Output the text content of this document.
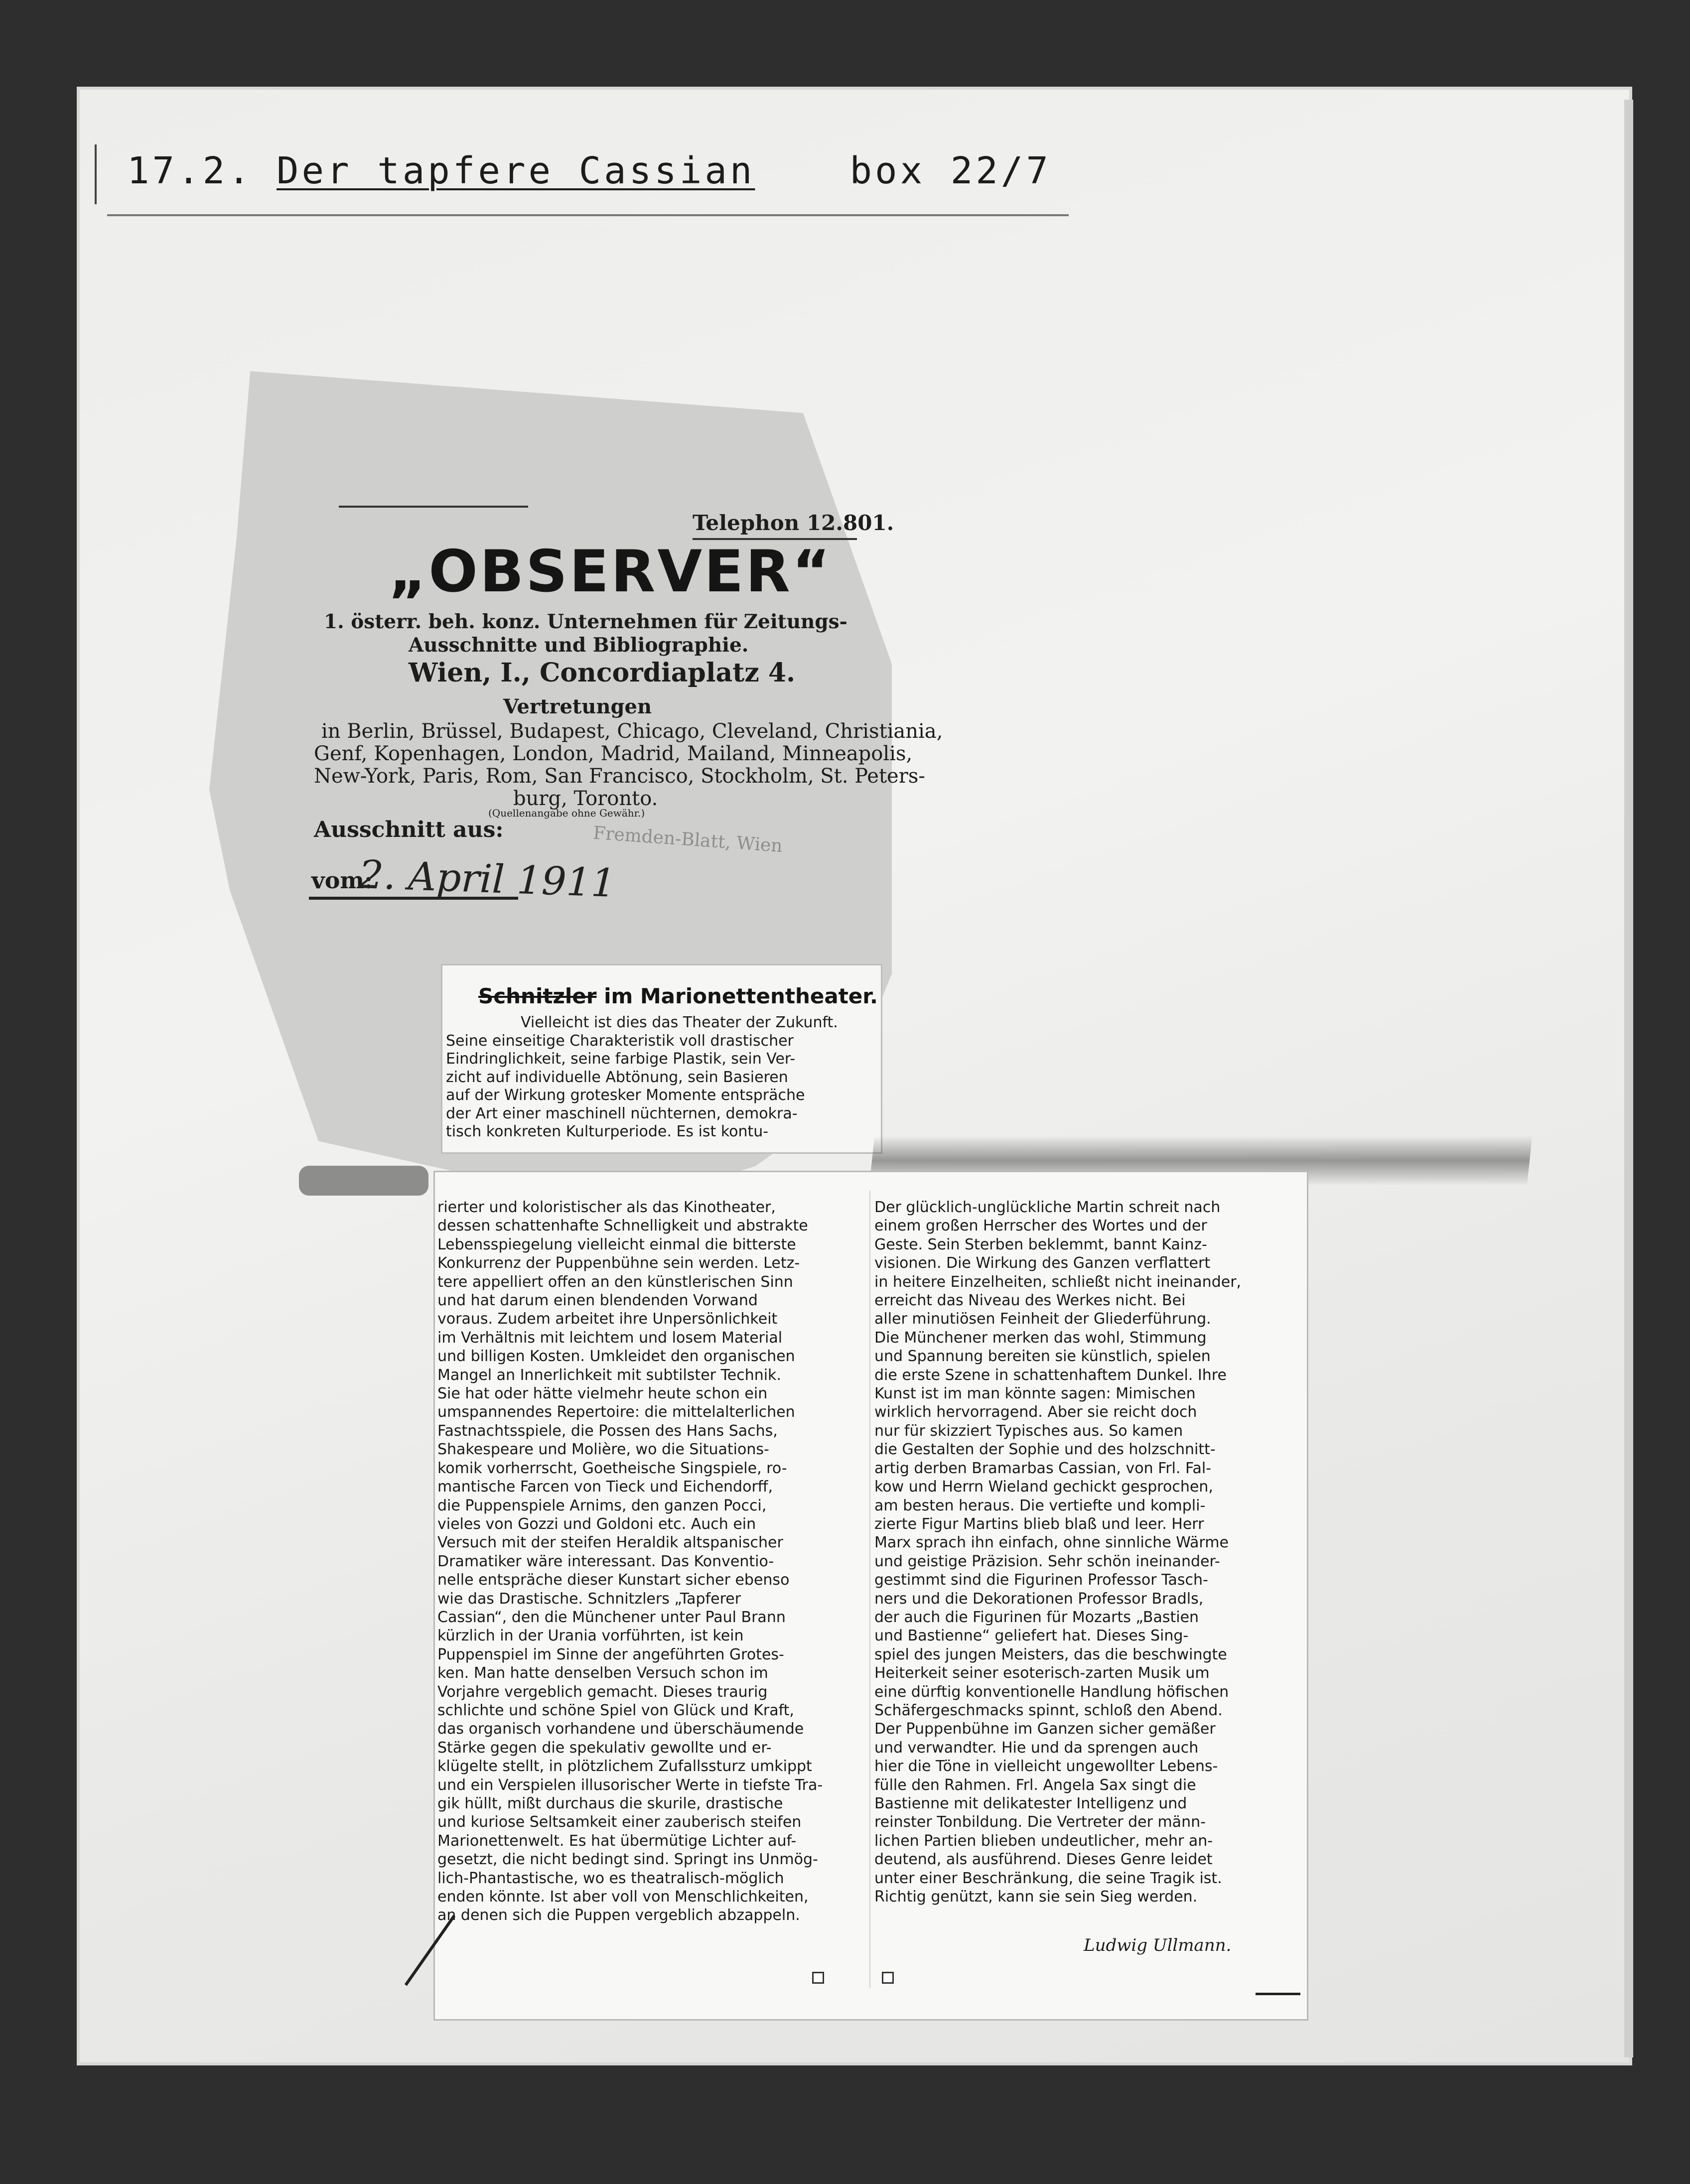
17.2. Der tapfere Cassian	box 22/7
Telephon 12.801.
„OBSERVER“
1. österr. beh. konz. Unternehmen für Zeitungs-
Ausschnitte und Bibliographie.
Wien, I., Concordiaplatz 4.
Vertretungen
in Berlin, Brüssel, Budapest, Chicago, Cleveland, Christiania,
Genf, Kopenhagen, London, Madrid, Mailand, Minneapolis,
New-York, Paris, Rom, San Francisco, Stockholm, St. Peters-
burg, Toronto.
(Quellenangabe ohne Gewähr.)
Ausschnitt aus:	Fremden-Blatt, Wien
vom:
2. April 1911
Schnitzler im Marionettentheater.
Vielleicht ist dies das Theater der Zukunft.
Seine einseitige Charakteristik voll drastischer
Eindringlichkeit, seine farbige Plastik, sein Ver-
zicht auf individuelle Abtönung, sein Basieren
auf der Wirkung grotesker Momente entspräche
der Art einer maschinell nüchternen, demokra-
tisch konkreten Kulturperiode. Es ist kontu-
rierter und koloristischer als das Kinotheater,
dessen schattenhafte Schnelligkeit und abstrakte
Lebensspiegelung vielleicht einmal die bitterste
Konkurrenz der Puppenbühne sein werden. Letz-
tere appelliert offen an den künstlerischen Sinn
und hat darum einen blendenden Vorwand
voraus. Zudem arbeitet ihre Unpersönlichkeit
im Verhältnis mit leichtem und losem Material
und billigen Kosten. Umkleidet den organischen
Mangel an Innerlichkeit mit subtilster Technik.
Sie hat oder hätte vielmehr heute schon ein
umspannendes Repertoire: die mittelalterlichen
Fastnachtsspiele, die Possen des Hans Sachs,
Shakespeare und Molière, wo die Situations-
komik vorherrscht, Goetheische Singspiele, ro-
mantische Farcen von Tieck und Eichendorff,
die Puppenspiele Arnims, den ganzen Pocci,
vieles von Gozzi und Goldoni etc. Auch ein
Versuch mit der steifen Heraldik altspanischer
Dramatiker wäre interessant. Das Konventio-
nelle entspräche dieser Kunstart sicher ebenso
wie das Drastische. Schnitzlers „Tapferer
Cassian“, den die Münchener unter Paul Brann
kürzlich in der Urania vorführten, ist kein
Puppenspiel im Sinne der angeführten Grotes-
ken. Man hatte denselben Versuch schon im
Vorjahre vergeblich gemacht. Dieses traurig
schlichte und schöne Spiel von Glück und Kraft,
das organisch vorhandene und überschäumende
Stärke gegen die spekulativ gewollte und er-
klügelte stellt, in plötzlichem Zufallssturz umkippt
und ein Verspielen illusorischer Werte in tiefste Tra-
gik hüllt, mißt durchaus die skurile, drastische
und kuriose Seltsamkeit einer zauberisch steifen
Marionettenwelt. Es hat übermütige Lichter auf-
gesetzt, die nicht bedingt sind. Springt ins Unmög-
lich-Phantastische, wo es theatralisch-möglich
enden könnte. Ist aber voll von Menschlichkeiten,
an denen sich die Puppen vergeblich abzappeln.
Der glücklich-unglückliche Martin schreit nach
einem großen Herrscher des Wortes und der
Geste. Sein Sterben beklemmt, bannt Kainz-
visionen. Die Wirkung des Ganzen verflattert
in heitere Einzelheiten, schließt nicht ineinander,
erreicht das Niveau des Werkes nicht. Bei
aller minutiösen Feinheit der Gliederführung.
Die Münchener merken das wohl, Stimmung
und Spannung bereiten sie künstlich, spielen
die erste Szene in schattenhaftem Dunkel. Ihre
Kunst ist im man könnte sagen: Mimischen
wirklich hervorragend. Aber sie reicht doch
nur für skizziert Typisches aus. So kamen
die Gestalten der Sophie und des holzschnitt-
artig derben Bramarbas Cassian, von Frl. Fal-
kow und Herrn Wieland gechickt gesprochen,
am besten heraus. Die vertiefte und kompli-
zierte Figur Martins blieb blaß und leer. Herr
Marx sprach ihn einfach, ohne sinnliche Wärme
und geistige Präzision. Sehr schön ineinander-
gestimmt sind die Figurinen Professor Tasch-
ners und die Dekorationen Professor Bradls,
der auch die Figurinen für Mozarts „Bastien
und Bastienne“ geliefert hat. Dieses Sing-
spiel des jungen Meisters, das die beschwingte
Heiterkeit seiner esoterisch-zarten Musik um
eine dürftig konventionelle Handlung höfischen
Schäfergeschmacks spinnt, schloß den Abend.
Der Puppenbühne im Ganzen sicher gemäßer
und verwandter. Hie und da sprengen auch
hier die Töne in vielleicht ungewollter Lebens-
fülle den Rahmen. Frl. Angela Sax singt die
Bastienne mit delikatester Intelligenz und
reinster Tonbildung. Die Vertreter der männ-
lichen Partien blieben undeutlicher, mehr an-
deutend, als ausführend. Dieses Genre leidet
unter einer Beschränkung, die seine Tragik ist.
Richtig genützt, kann sie sein Sieg werden.
Ludwig Ullmann.
